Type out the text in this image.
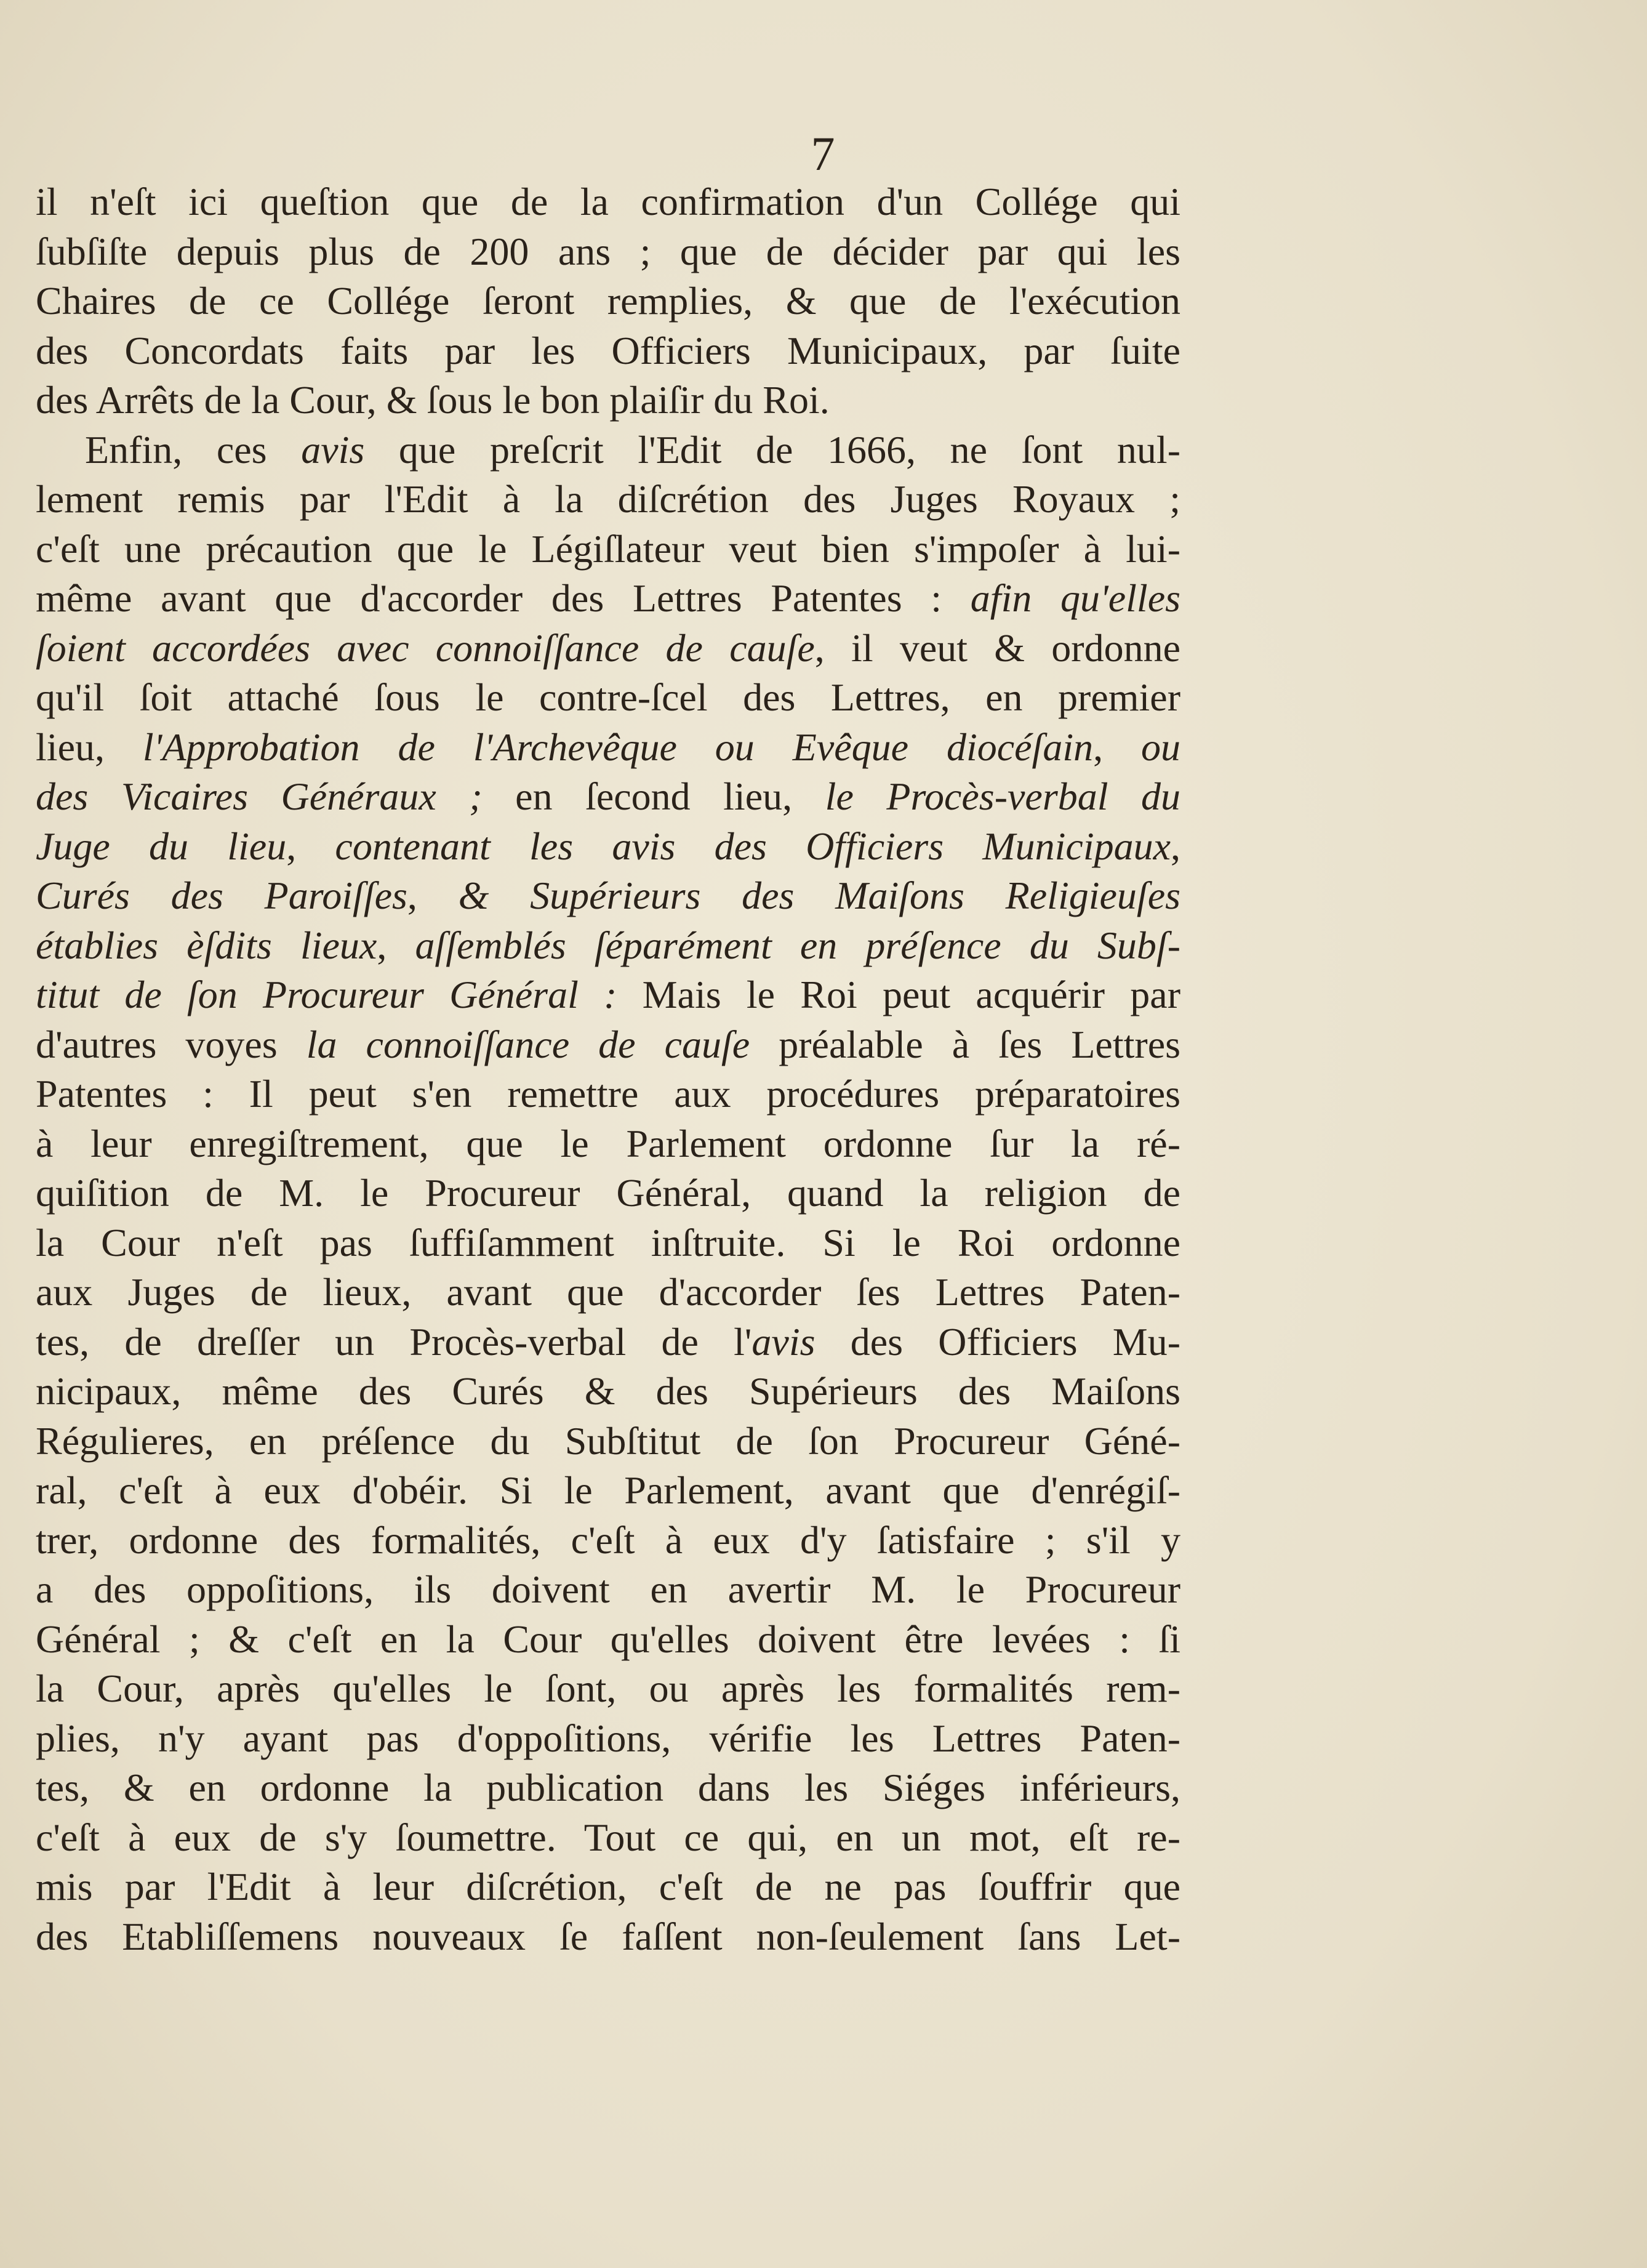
7
il n'eſt ici queſtion que de la confirmation d'un Collége qui
ſubſiſte depuis plus de 200 ans ; que de décider par qui les
Chaires de ce Collége ſeront remplies, & que de l'exécution
des Concordats faits par les Officiers Municipaux, par ſuite
des Arrêts de la Cour, & ſous le bon plaiſir du Roi.
Enfin, ces avis que preſcrit l'Edit de 1666, ne ſont nul-
lement remis par l'Edit à la diſcrétion des Juges Royaux ;
c'eſt une précaution que le Légiſlateur veut bien s'impoſer à lui-
même avant que d'accorder des Lettres Patentes : afin qu'elles
ſoient accordées avec connoiſſance de cauſe, il veut & ordonne
qu'il ſoit attaché ſous le contre-ſcel des Lettres, en premier
lieu, l'Approbation de l'Archevêque ou Evêque diocéſain, ou
des Vicaires Généraux ; en ſecond lieu, le Procès-verbal du
Juge du lieu, contenant les avis des Officiers Municipaux,
Curés des Paroiſſes, & Supérieurs des Maiſons Religieuſes
établies èſdits lieux, aſſemblés ſéparément en préſence du Subſ-
titut de ſon Procureur Général : Mais le Roi peut acquérir par
d'autres voyes la connoiſſance de cauſe préalable à ſes Lettres
Patentes : Il peut s'en remettre aux procédures préparatoires
à leur enregiſtrement, que le Parlement ordonne ſur la ré-
quiſition de M. le Procureur Général, quand la religion de
la Cour n'eſt pas ſuffiſamment inſtruite. Si le Roi ordonne
aux Juges de lieux, avant que d'accorder ſes Lettres Paten-
tes, de dreſſer un Procès-verbal de l'avis des Officiers Mu-
nicipaux, même des Curés & des Supérieurs des Maiſons
Régulieres, en préſence du Subſtitut de ſon Procureur Géné-
ral, c'eſt à eux d'obéir. Si le Parlement, avant que d'enrégiſ-
trer, ordonne des formalités, c'eſt à eux d'y ſatisfaire ; s'il y
a des oppoſitions, ils doivent en avertir M. le Procureur
Général ; & c'eſt en la Cour qu'elles doivent être levées : ſi
la Cour, après qu'elles le ſont, ou après les formalités rem-
plies, n'y ayant pas d'oppoſitions, vérifie les Lettres Paten-
tes, & en ordonne la publication dans les Siéges inférieurs,
c'eſt à eux de s'y ſoumettre. Tout ce qui, en un mot, eſt re-
mis par l'Edit à leur diſcrétion, c'eſt de ne pas ſouffrir que
des Etabliſſemens nouveaux ſe faſſent non-ſeulement ſans Let-
